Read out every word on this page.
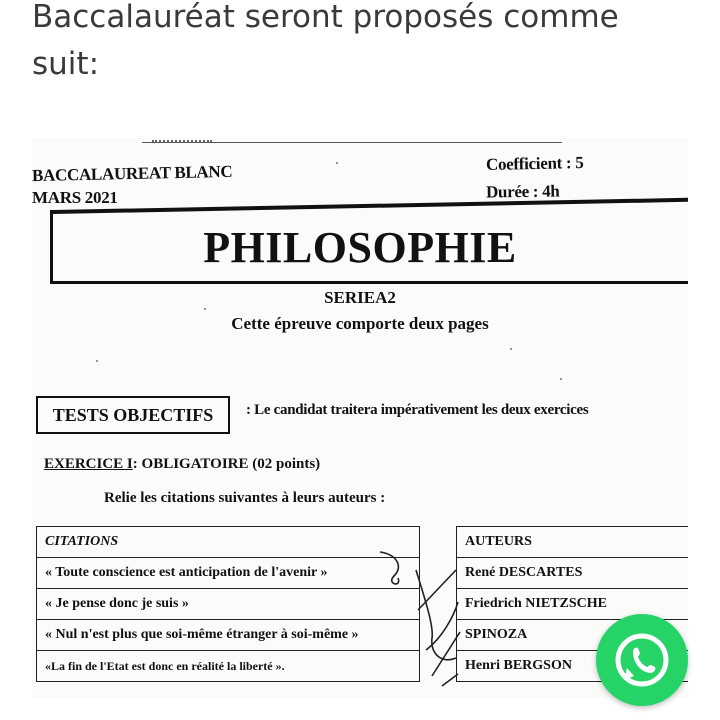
Baccalauréat seront proposés comme
suit:
BACCALAUREAT BLANC
MARS 2021
Coefficient : 5
Durée : 4h
PHILOSOPHIE
SERIEA2
Cette épreuve comporte deux pages
TESTS OBJECTIFS	: Le candidat traitera impérativement les deux exercices
EXERCICE I: OBLIGATOIRE (02 points)
Relie les citations suivantes à leurs auteurs :
CITATIONS
« Toute conscience est anticipation de l'avenir »
« Je pense donc je suis »
« Nul n'est plus que soi-même étranger à soi-même »
«La fin de l'Etat est donc en réalité la liberté ».
AUTEURS
René DESCARTES
Friedrich NIETZSCHE
SPINOZA
Henri BERGSON
